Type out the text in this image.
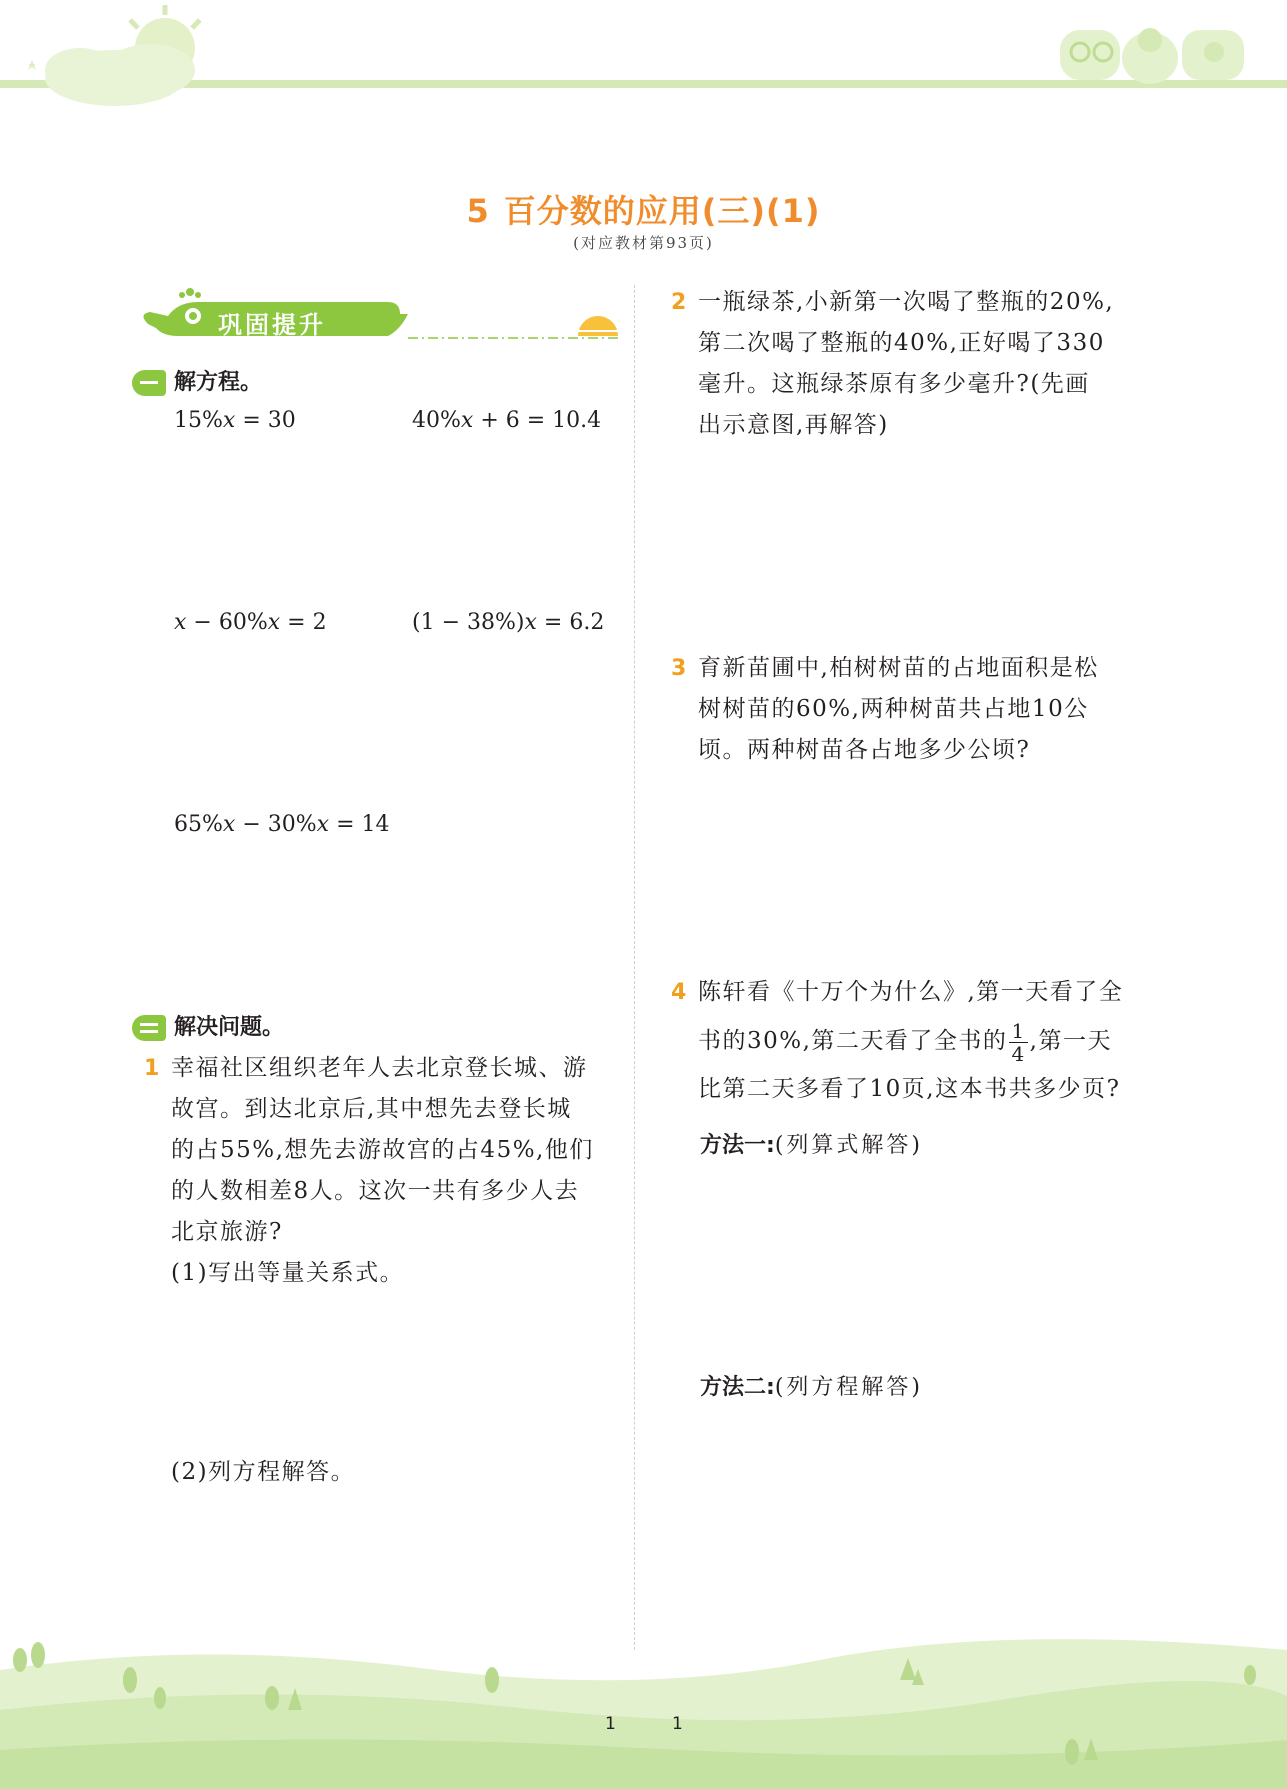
5 百分数的应用(三)(1)
(对应教材第93页)
巩固提升
解方程。
15%x = 30	40%x + 6 = 10.4
x − 60%x = 2	(1 − 38%)x = 6.2
65%x − 30%x = 14
解决问题。
1 幸福社区组织老年人去北京登长城、游
故宫。到达北京后,其中想先去登长城
的占55%,想先去游故宫的占45%,他们
的人数相差8人。这次一共有多少人去
北京旅游?
(1)写出等量关系式。
(2)列方程解答。
2 一瓶绿茶,小新第一次喝了整瓶的20%,
第二次喝了整瓶的40%,正好喝了330
毫升。这瓶绿茶原有多少毫升?(先画
出示意图,再解答)
3 育新苗圃中,柏树树苗的占地面积是松
树树苗的60%,两种树苗共占地10公
顷。两种树苗各占地多少公顷?
4 陈轩看《十万个为什么》,第一天看了全
书的30%,第二天看了全书的 $\frac{1}{4}$ ,第一天
比第二天多看了10页,这本书共多少页?
方法一:(列算式解答)
方法二:(列方程解答)
1	1
